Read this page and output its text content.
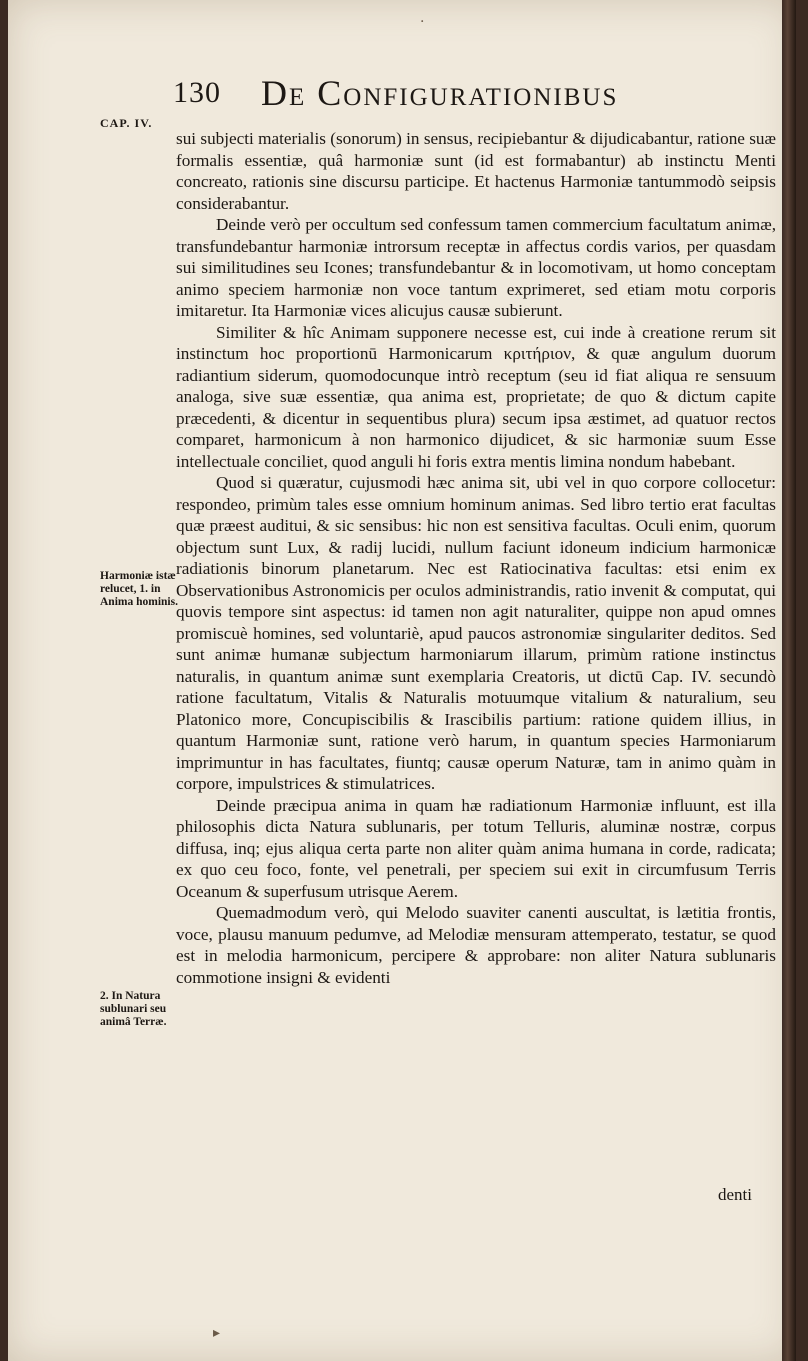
·
130 De Configurationibus
CAP. IV.
Harmoniæ istæ relucet, 1. in Anima hominis.
2. In Natura sublunari seu animâ Terræ.

sui subjecti materialis (sonorum) in sensus, recipiebantur & dijudicabantur, ratione suæ formalis essentiæ, quâ harmoniæ sunt (id est formabantur) ab instinctu Menti concreato, rationis sine discursu participe. Et hactenus Harmoniæ tantummodò seipsis considerabantur.

Deinde verò per occultum sed confessum tamen commercium facultatum animæ, transfundebantur harmoniæ introrsum receptæ in affectus cordis varios, per quasdam sui similitudines seu Icones; transfundebantur & in locomotivam, ut homo conceptam animo speciem harmoniæ non voce tantum exprimeret, sed etiam motu corporis imitaretur. Ita Harmoniæ vices alicujus causæ subierunt.

Similiter & hîc Animam supponere necesse est, cui inde à creatione rerum sit instinctum hoc proportionū Harmonicarum κριτήριον, & quæ angulum duorum radiantium siderum, quomodocunque intrò receptum (seu id fiat aliqua re sensuum analoga, sive suæ essentiæ, qua anima est, proprietate; de quo & dictum capite præcedenti, & dicentur in sequentibus plura) secum ipsa æstimet, ad quatuor rectos comparet, harmonicum à non harmonico dijudicet, & sic harmoniæ suum Esse intellectuale conciliet, quod anguli hi foris extra mentis limina nondum habebant.

Quod si quæratur, cujusmodi hæc anima sit, ubi vel in quo corpore collocetur: respondeo, primùm tales esse omnium hominum animas. Sed libro tertio erat facultas quæ præest auditui, & sic sensibus: hic non est sensitiva facultas. Oculi enim, quorum objectum sunt Lux, & radij lucidi, nullum faciunt idoneum indicium harmonicæ radiationis binorum planetarum. Nec est Ratiocinativa facultas: etsi enim ex Observationibus Astronomicis per oculos administrandis, ratio invenit & computat, qui quovis tempore sint aspectus: id tamen non agit naturaliter, quippe non apud omnes promiscuè homines, sed voluntariè, apud paucos astronomiæ singulariter deditos. Sed sunt animæ humanæ subjectum harmoniarum illarum, primùm ratione instinctus naturalis, in quantum animæ sunt exemplaria Creatoris, ut dictū Cap. IV. secundò ratione facultatum, Vitalis & Naturalis motuumque vitalium & naturalium, seu Platonico more, Concupiscibilis & Irascibilis partium: ratione quidem illius, in quantum Harmoniæ sunt, ratione verò harum, in quantum species Harmoniarum imprimuntur in has facultates, fiuntq; causæ operum Naturæ, tam in animo quàm in corpore, impulstrices & stimulatrices.

Deinde præcipua anima in quam hæ radiationum Harmoniæ influunt, est illa philosophis dicta Natura sublunaris, per totum Telluris, aluminæ nostræ, corpus diffusa, inq; ejus aliqua certa parte non aliter quàm anima humana in corde, radicata; ex quo ceu foco, fonte, vel penetrali, per speciem sui exit in circumfusum Terris Oceanum & superfusum utrisque Aerem.

Quemadmodum verò, qui Melodo suaviter canenti auscultat, is lætitia frontis, voce, plausu manuum pedumve, ad Melodiæ mensuram attemperato, testatur, se quod est in melodia harmonicum, percipere & approbare: non aliter Natura sublunaris commotione insigni & evidenti

denti
▸
